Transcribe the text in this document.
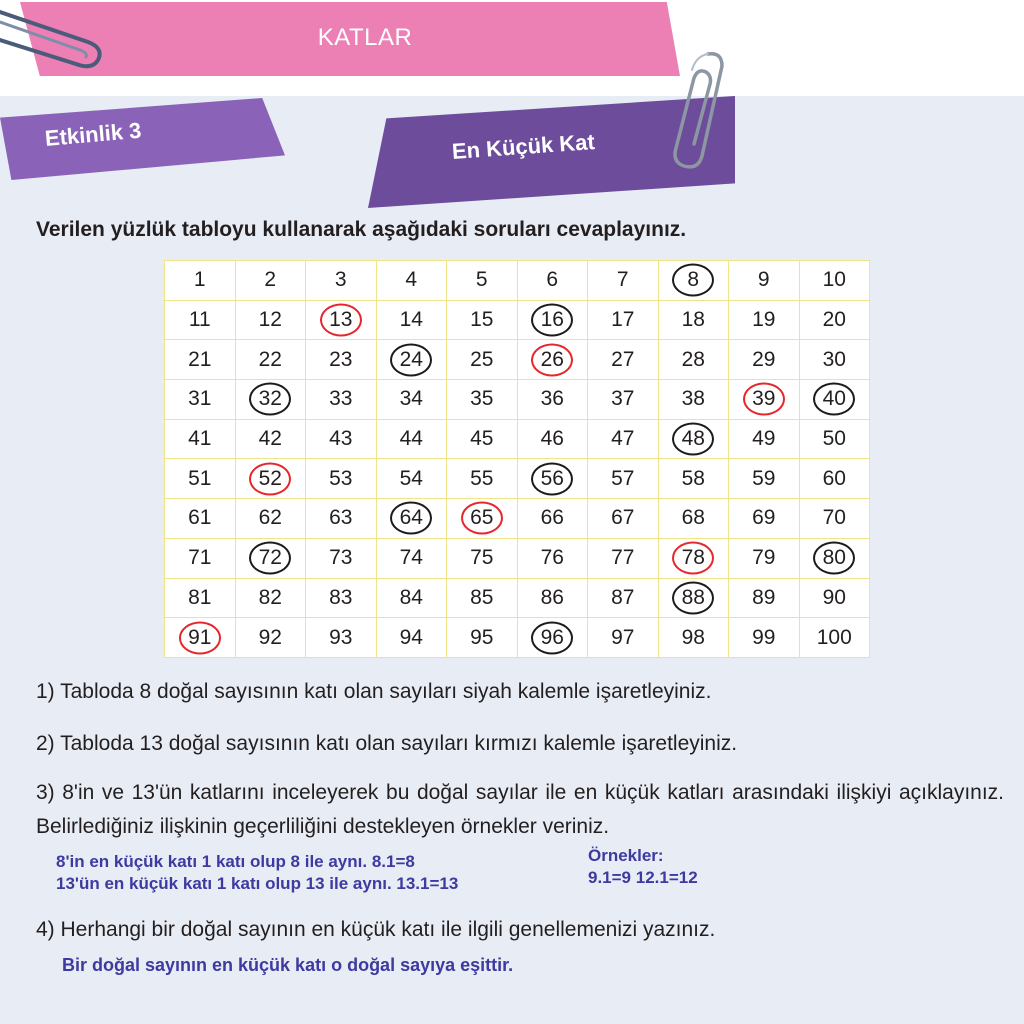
KATLAR
Etkinlik 3	En Küçük Kat
Verilen yüzlük tabloyu kullanarak aşağıdaki soruları cevaplayınız.
1	2	3	4	5	6	7	8	9	10
11	12	13	14	15	16	17	18	19	20
21	22	23	24	25	26	27	28	29	30
31	32	33	34	35	36	37	38	39	40
41	42	43	44	45	46	47	48	49	50
51	52	53	54	55	56	57	58	59	60
61	62	63	64	65	66	67	68	69	70
71	72	73	74	75	76	77	78	79	80
81	82	83	84	85	86	87	88	89	90
91	92	93	94	95	96	97	98	99	100
1) Tabloda 8 doğal sayısının katı olan sayıları siyah kalemle işaretleyiniz.
2) Tabloda 13 doğal sayısının katı olan sayıları kırmızı kalemle işaretleyiniz.
3) 8'in ve 13'ün katlarını inceleyerek bu doğal sayılar ile en küçük katları arasındaki ilişkiyi açıklayınız. Belirlediğiniz ilişkinin geçerliliğini destekleyen örnekler veriniz.
8'in en küçük katı 1 katı olup 8 ile aynı. 8.1=8
13'ün en küçük katı 1 katı olup 13 ile aynı. 13.1=13
Örnekler:
9.1=9 12.1=12
4) Herhangi bir doğal sayının en küçük katı ile ilgili genellemenizi yazınız.
Bir doğal sayının en küçük katı o doğal sayıya eşittir.
